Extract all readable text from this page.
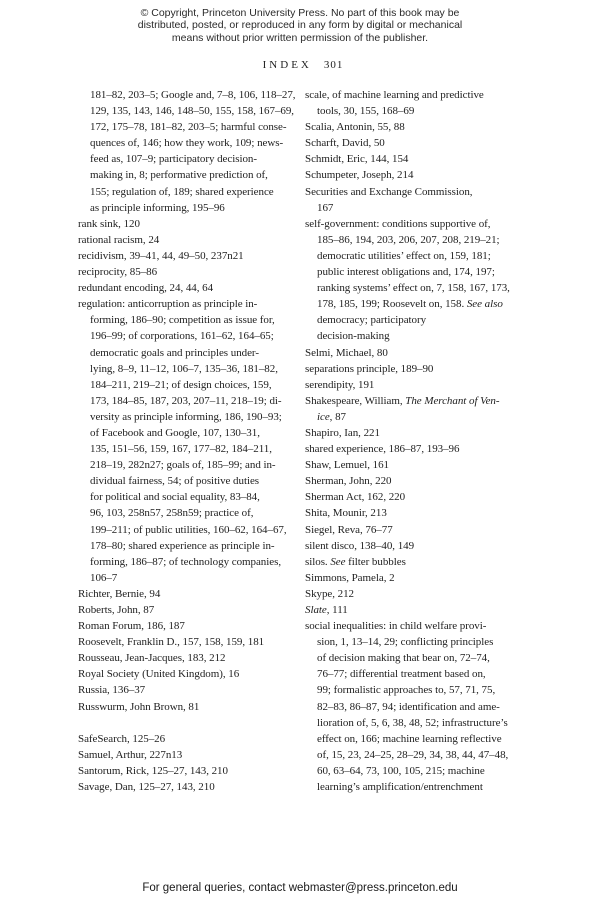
© Copyright, Princeton University Press. No part of this book may be
distributed, posted, or reproduced in any form by digital or mechanical
means without prior written permission of the publisher.
INDEX 301
181–82, 203–5; Google and, 7–8, 106, 118–27,
129, 135, 143, 146, 148–50, 155, 158, 167–69,
172, 175–78, 181–82, 203–5; harmful conse-
quences of, 146; how they work, 109; news-
feed as, 107–9; participatory decision-
making in, 8; performative prediction of,
155; regulation of, 189; shared experience
as principle informing, 195–96
rank sink, 120
rational racism, 24
recidivism, 39–41, 44, 49–50, 237n21
reciprocity, 85–86
redundant encoding, 24, 44, 64
regulation: anticorruption as principle in-
forming, 186–90; competition as issue for,
196–99; of corporations, 161–62, 164–65;
democratic goals and principles under-
lying, 8–9, 11–12, 106–7, 135–36, 181–82,
184–211, 219–21; of design choices, 159,
173, 184–85, 187, 203, 207–11, 218–19; di-
versity as principle informing, 186, 190–93;
of Facebook and Google, 107, 130–31,
135, 151–56, 159, 167, 177–82, 184–211,
218–19, 282n27; goals of, 185–99; and in-
dividual fairness, 54; of positive duties
for political and social equality, 83–84,
96, 103, 258n57, 258n59; practice of,
199–211; of public utilities, 160–62, 164–67,
178–80; shared experience as principle in-
forming, 186–87; of technology companies,
106–7
Richter, Bernie, 94
Roberts, John, 87
Roman Forum, 186, 187
Roosevelt, Franklin D., 157, 158, 159, 181
Rousseau, Jean-Jacques, 183, 212
Royal Society (United Kingdom), 16
Russia, 136–37
Russwurm, John Brown, 81

SafeSearch, 125–26
Samuel, Arthur, 227n13
Santorum, Rick, 125–27, 143, 210
Savage, Dan, 125–27, 143, 210
scale, of machine learning and predictive
tools, 30, 155, 168–69
Scalia, Antonin, 55, 88
Scharft, David, 50
Schmidt, Eric, 144, 154
Schumpeter, Joseph, 214
Securities and Exchange Commission,
167
self-government: conditions supportive of,
185–86, 194, 203, 206, 207, 208, 219–21;
democratic utilities’ effect on, 159, 181;
public interest obligations and, 174, 197;
ranking systems’ effect on, 7, 158, 167, 173,
178, 185, 199; Roosevelt on, 158. See also
democracy; participatory
decision-making
Selmi, Michael, 80
separations principle, 189–90
serendipity, 191
Shakespeare, William, The Merchant of Ven-
ice, 87
Shapiro, Ian, 221
shared experience, 186–87, 193–96
Shaw, Lemuel, 161
Sherman, John, 220
Sherman Act, 162, 220
Shita, Mounir, 213
Siegel, Reva, 76–77
silent disco, 138–40, 149
silos. See filter bubbles
Simmons, Pamela, 2
Skype, 212
Slate, 111
social inequalities: in child welfare provi-
sion, 1, 13–14, 29; conflicting principles
of decision making that bear on, 72–74,
76–77; differential treatment based on,
99; formalistic approaches to, 57, 71, 75,
82–83, 86–87, 94; identification and ame-
lioration of, 5, 6, 38, 48, 52; infrastructure’s
effect on, 166; machine learning reflective
of, 15, 23, 24–25, 28–29, 34, 38, 44, 47–48,
60, 63–64, 73, 100, 105, 215; machine
learning’s amplification/entrenchment
For general queries, contact webmaster@press.princeton.edu
